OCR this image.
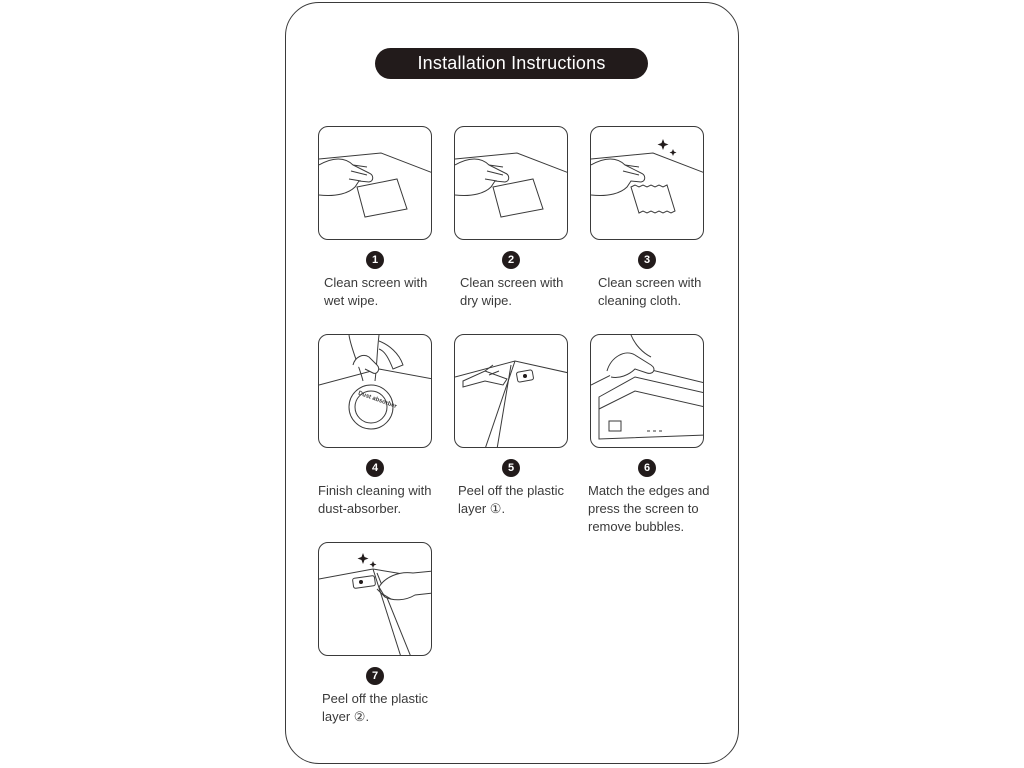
Installation Instructions
1
Clean screen with
wet wipe.
2
Clean screen with
dry wipe.
3
Clean screen with
cleaning cloth.
Dust absorber
4
Finish cleaning with
dust-absorber.
5
Peel off the plastic
layer ①.
6
Match the edges and
press the screen to
remove bubbles.
7
Peel off the plastic
layer ②.
